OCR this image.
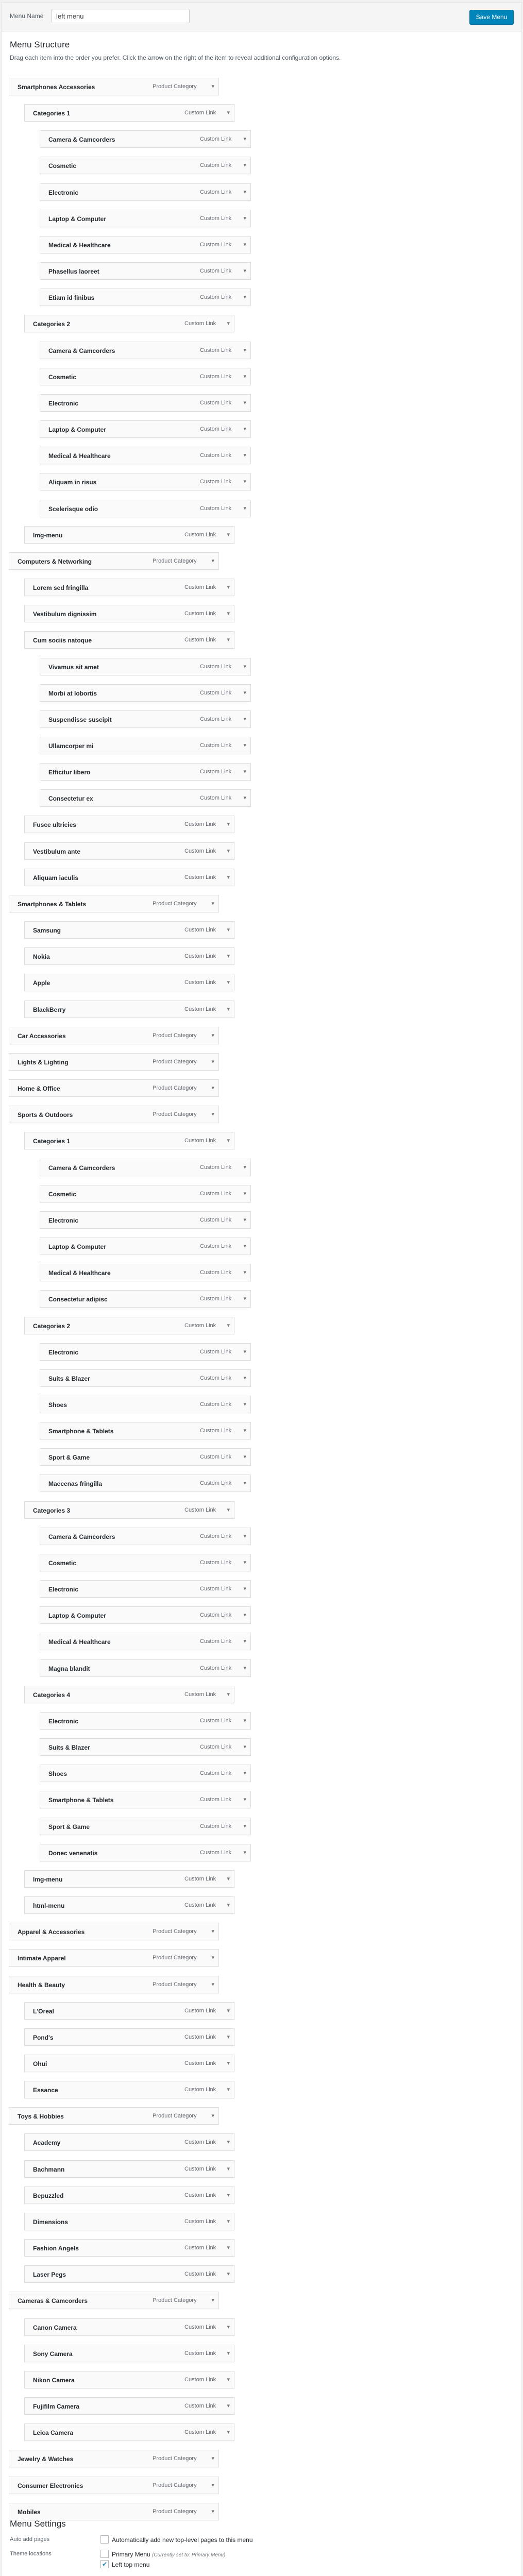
Menu Name
left menu	Save Menu
Menu Structure

Drag each item into the order you prefer. Click the arrow on the right of the item to reveal additional configuration options.

Smartphones Accessories	Product Category	▾
Categories 1	Custom Link ▾
Camera & Camcorders	Custom Link ▾
Cosmetic	Custom Link ▾
Electronic	Custom Link ▾
Laptop & Computer	Custom Link ▾
Medical & Healthcare	Custom Link ▾
Phasellus laoreet	Custom Link ▾
Etiam id finibus	Custom Link ▾
Categories 2	Custom Link ▾
Camera & Camcorders	Custom Link ▾
Cosmetic	Custom Link ▾
Electronic	Custom Link ▾
Laptop & Computer	Custom Link ▾
Medical & Healthcare	Custom Link ▾
Aliquam in risus	Custom Link ▾
Scelerisque odio	Custom Link ▾
Img-menu	Custom Link ▾
Computers & Networking	Product Category	▾
Lorem sed fringilla	Custom Link ▾
Vestibulum dignissim	Custom Link ▾
Cum sociis natoque	Custom Link ▾
Vivamus sit amet	Custom Link ▾
Morbi at lobortis	Custom Link ▾
Suspendisse suscipit	Custom Link ▾
Ullamcorper mi	Custom Link ▾
Efficitur libero	Custom Link ▾
Consectetur ex	Custom Link ▾
Fusce ultricies	Custom Link ▾
Vestibulum ante	Custom Link ▾
Aliquam iaculis	Custom Link ▾
Smartphones & Tablets	Product Category	▾
Samsung	Custom Link ▾
Nokia	Custom Link ▾
Apple	Custom Link ▾
BlackBerry	Custom Link ▾
Car Accessories	Product Category	▾
Lights & Lighting	Product Category	▾
Home & Office	Product Category	▾
Sports & Outdoors	Product Category	▾
Categories 1	Custom Link ▾
Camera & Camcorders	Custom Link ▾
Cosmetic	Custom Link ▾
Electronic	Custom Link ▾
Laptop & Computer	Custom Link ▾
Medical & Healthcare	Custom Link ▾
Consectetur adipisc	Custom Link ▾
Categories 2	Custom Link ▾
Electronic	Custom Link ▾
Suits & Blazer	Custom Link ▾
Shoes	Custom Link ▾
Smartphone & Tablets	Custom Link ▾
Sport & Game	Custom Link ▾
Maecenas fringilla	Custom Link ▾
Categories 3	Custom Link ▾
Camera & Camcorders	Custom Link ▾
Cosmetic	Custom Link ▾
Electronic	Custom Link ▾
Laptop & Computer	Custom Link ▾
Medical & Healthcare	Custom Link ▾
Magna blandit	Custom Link ▾
Categories 4	Custom Link ▾
Electronic	Custom Link ▾
Suits & Blazer	Custom Link ▾
Shoes	Custom Link ▾
Smartphone & Tablets	Custom Link ▾
Sport & Game	Custom Link ▾
Donec venenatis	Custom Link ▾
Img-menu	Custom Link ▾
html-menu	Custom Link ▾
Apparel & Accessories	Product Category	▾
Intimate Apparel	Product Category	▾
Health & Beauty	Product Category	▾
L'Oreal	Custom Link ▾
Pond's	Custom Link ▾
Ohui	Custom Link ▾
Essance	Custom Link ▾
Toys & Hobbies	Product Category	▾
Academy	Custom Link ▾
Bachmann	Custom Link ▾
Bepuzzled	Custom Link ▾
Dimensions	Custom Link ▾
Fashion Angels	Custom Link ▾
Laser Pegs	Custom Link ▾
Cameras & Camcorders	Product Category	▾
Canon Camera	Custom Link ▾
Sony Camera	Custom Link ▾
Nikon Camera	Custom Link ▾
Fujifilm Camera	Custom Link ▾
Leica Camera	Custom Link ▾
Jewelry & Watches	Product Category	▾
Consumer Electronics	Product Category	▾
Mobiles	Product Category	▾
Menu Settings
Auto add pages	Automatically add new top-level pages to this menu
Theme locations	Primary Menu (Currently set to: Primary Menu)
✔ Left top menu
